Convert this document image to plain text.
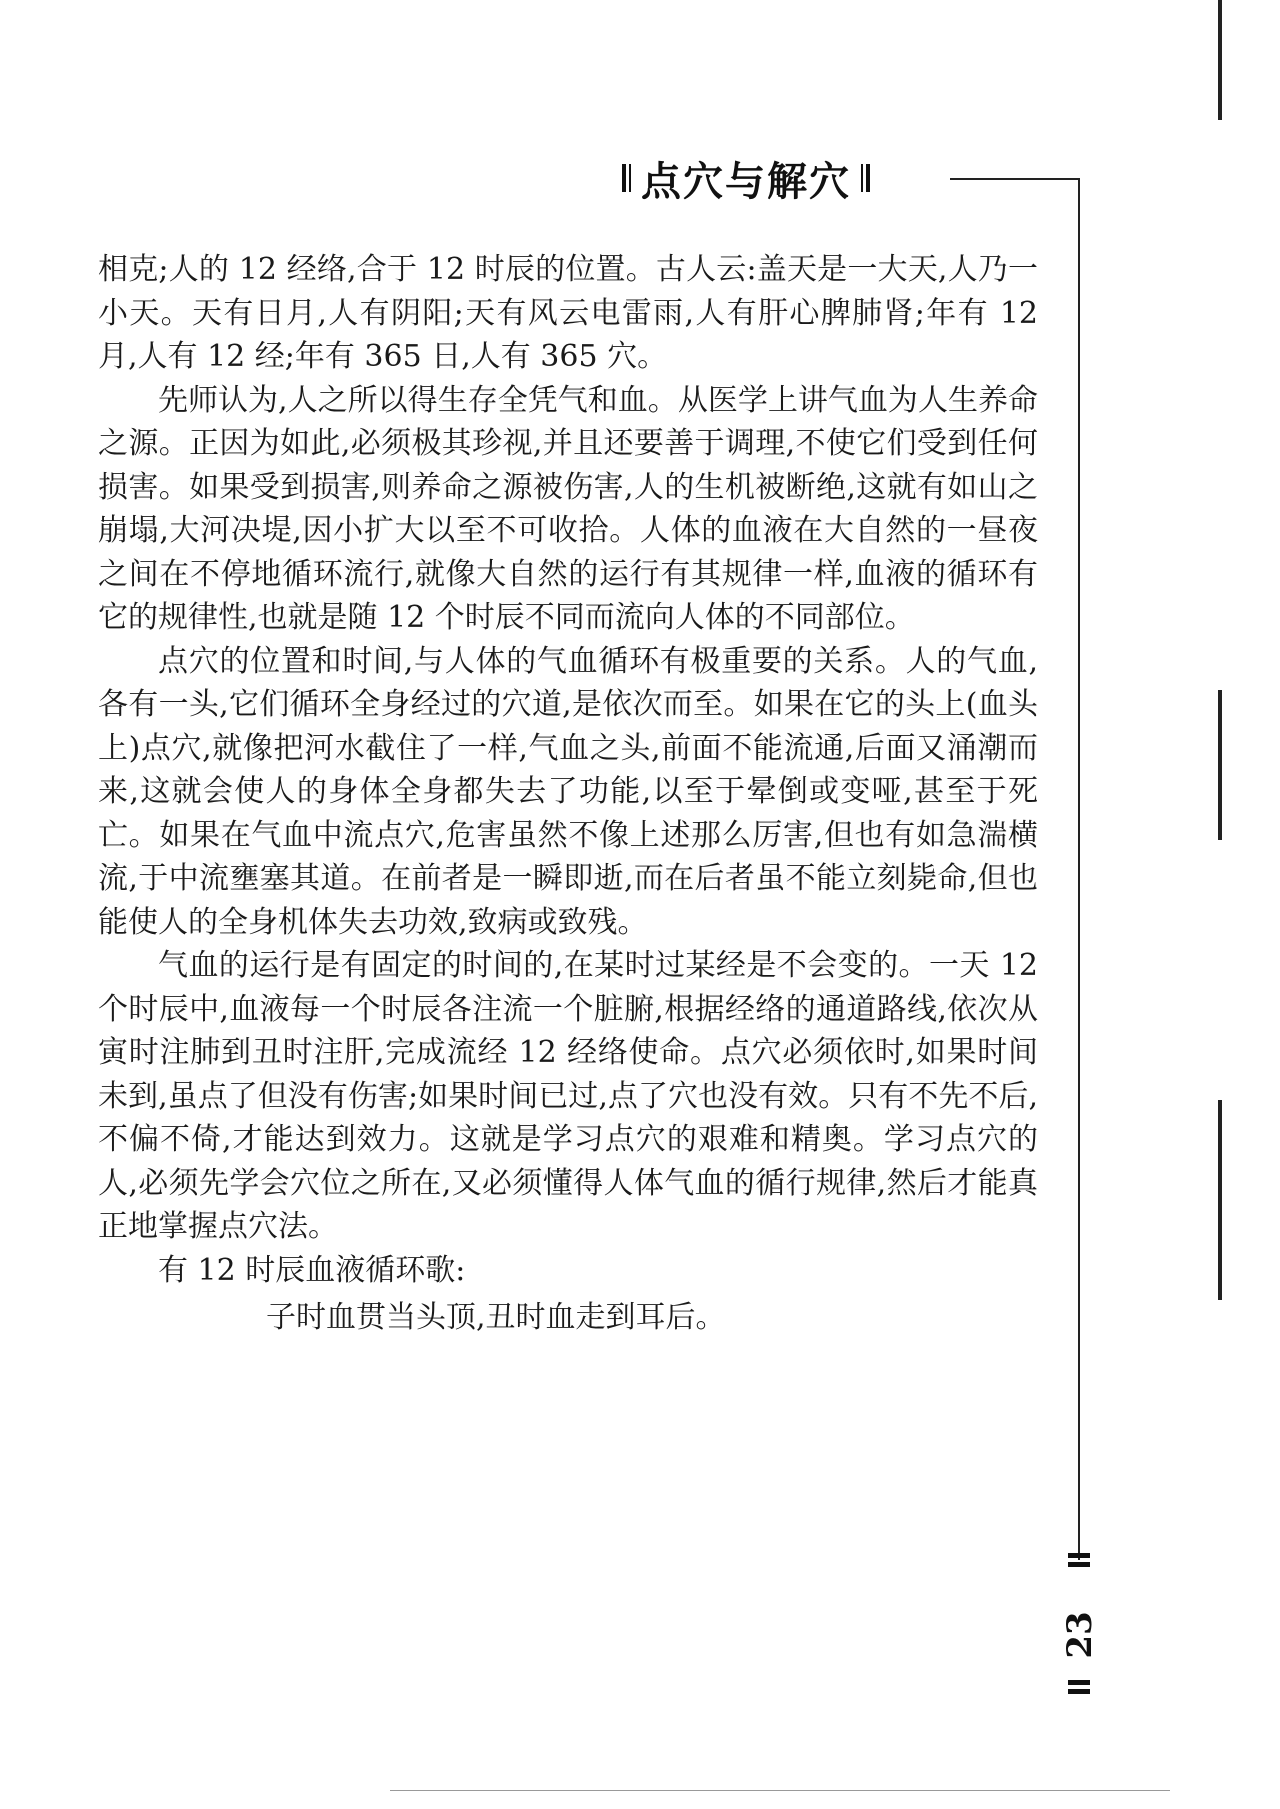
点穴与解穴
23

相克;人的 12 经络,合于 12 时辰的位置。古人云:盖天是一大天,人乃一小天。天有日月,人有阴阳;天有风云电雷雨,人有肝心脾肺肾;年有 12 月,人有 12 经;年有 365 日,人有 365 穴。

先师认为,人之所以得生存全凭气和血。从医学上讲气血为人生养命之源。正因为如此,必须极其珍视,并且还要善于调理,不使它们受到任何损害。如果受到损害,则养命之源被伤害,人的生机被断绝,这就有如山之崩塌,大河决堤,因小扩大以至不可收拾。人体的血液在大自然的一昼夜之间在不停地循环流行,就像大自然的运行有其规律一样,血液的循环有它的规律性,也就是随 12 个时辰不同而流向人体的不同部位。

点穴的位置和时间,与人体的气血循环有极重要的关系。人的气血,各有一头,它们循环全身经过的穴道,是依次而至。如果在它的头上(血头上)点穴,就像把河水截住了一样,气血之头,前面不能流通,后面又涌潮而来,这就会使人的身体全身都失去了功能,以至于晕倒或变哑,甚至于死亡。如果在气血中流点穴,危害虽然不像上述那么厉害,但也有如急湍横流,于中流壅塞其道。在前者是一瞬即逝,而在后者虽不能立刻毙命,但也能使人的全身机体失去功效,致病或致残。

气血的运行是有固定的时间的,在某时过某经是不会变的。一天 12 个时辰中,血液每一个时辰各注流一个脏腑,根据经络的通道路线,依次从寅时注肺到丑时注肝,完成流经 12 经络使命。点穴必须依时,如果时间未到,虽点了但没有伤害;如果时间已过,点了穴也没有效。只有不先不后,不偏不倚,才能达到效力。这就是学习点穴的艰难和精奥。学习点穴的人,必须先学会穴位之所在,又必须懂得人体气血的循行规律,然后才能真正地掌握点穴法。

有 12 时辰血液循环歌:

子时血贯当头顶,丑时血走到耳后。
